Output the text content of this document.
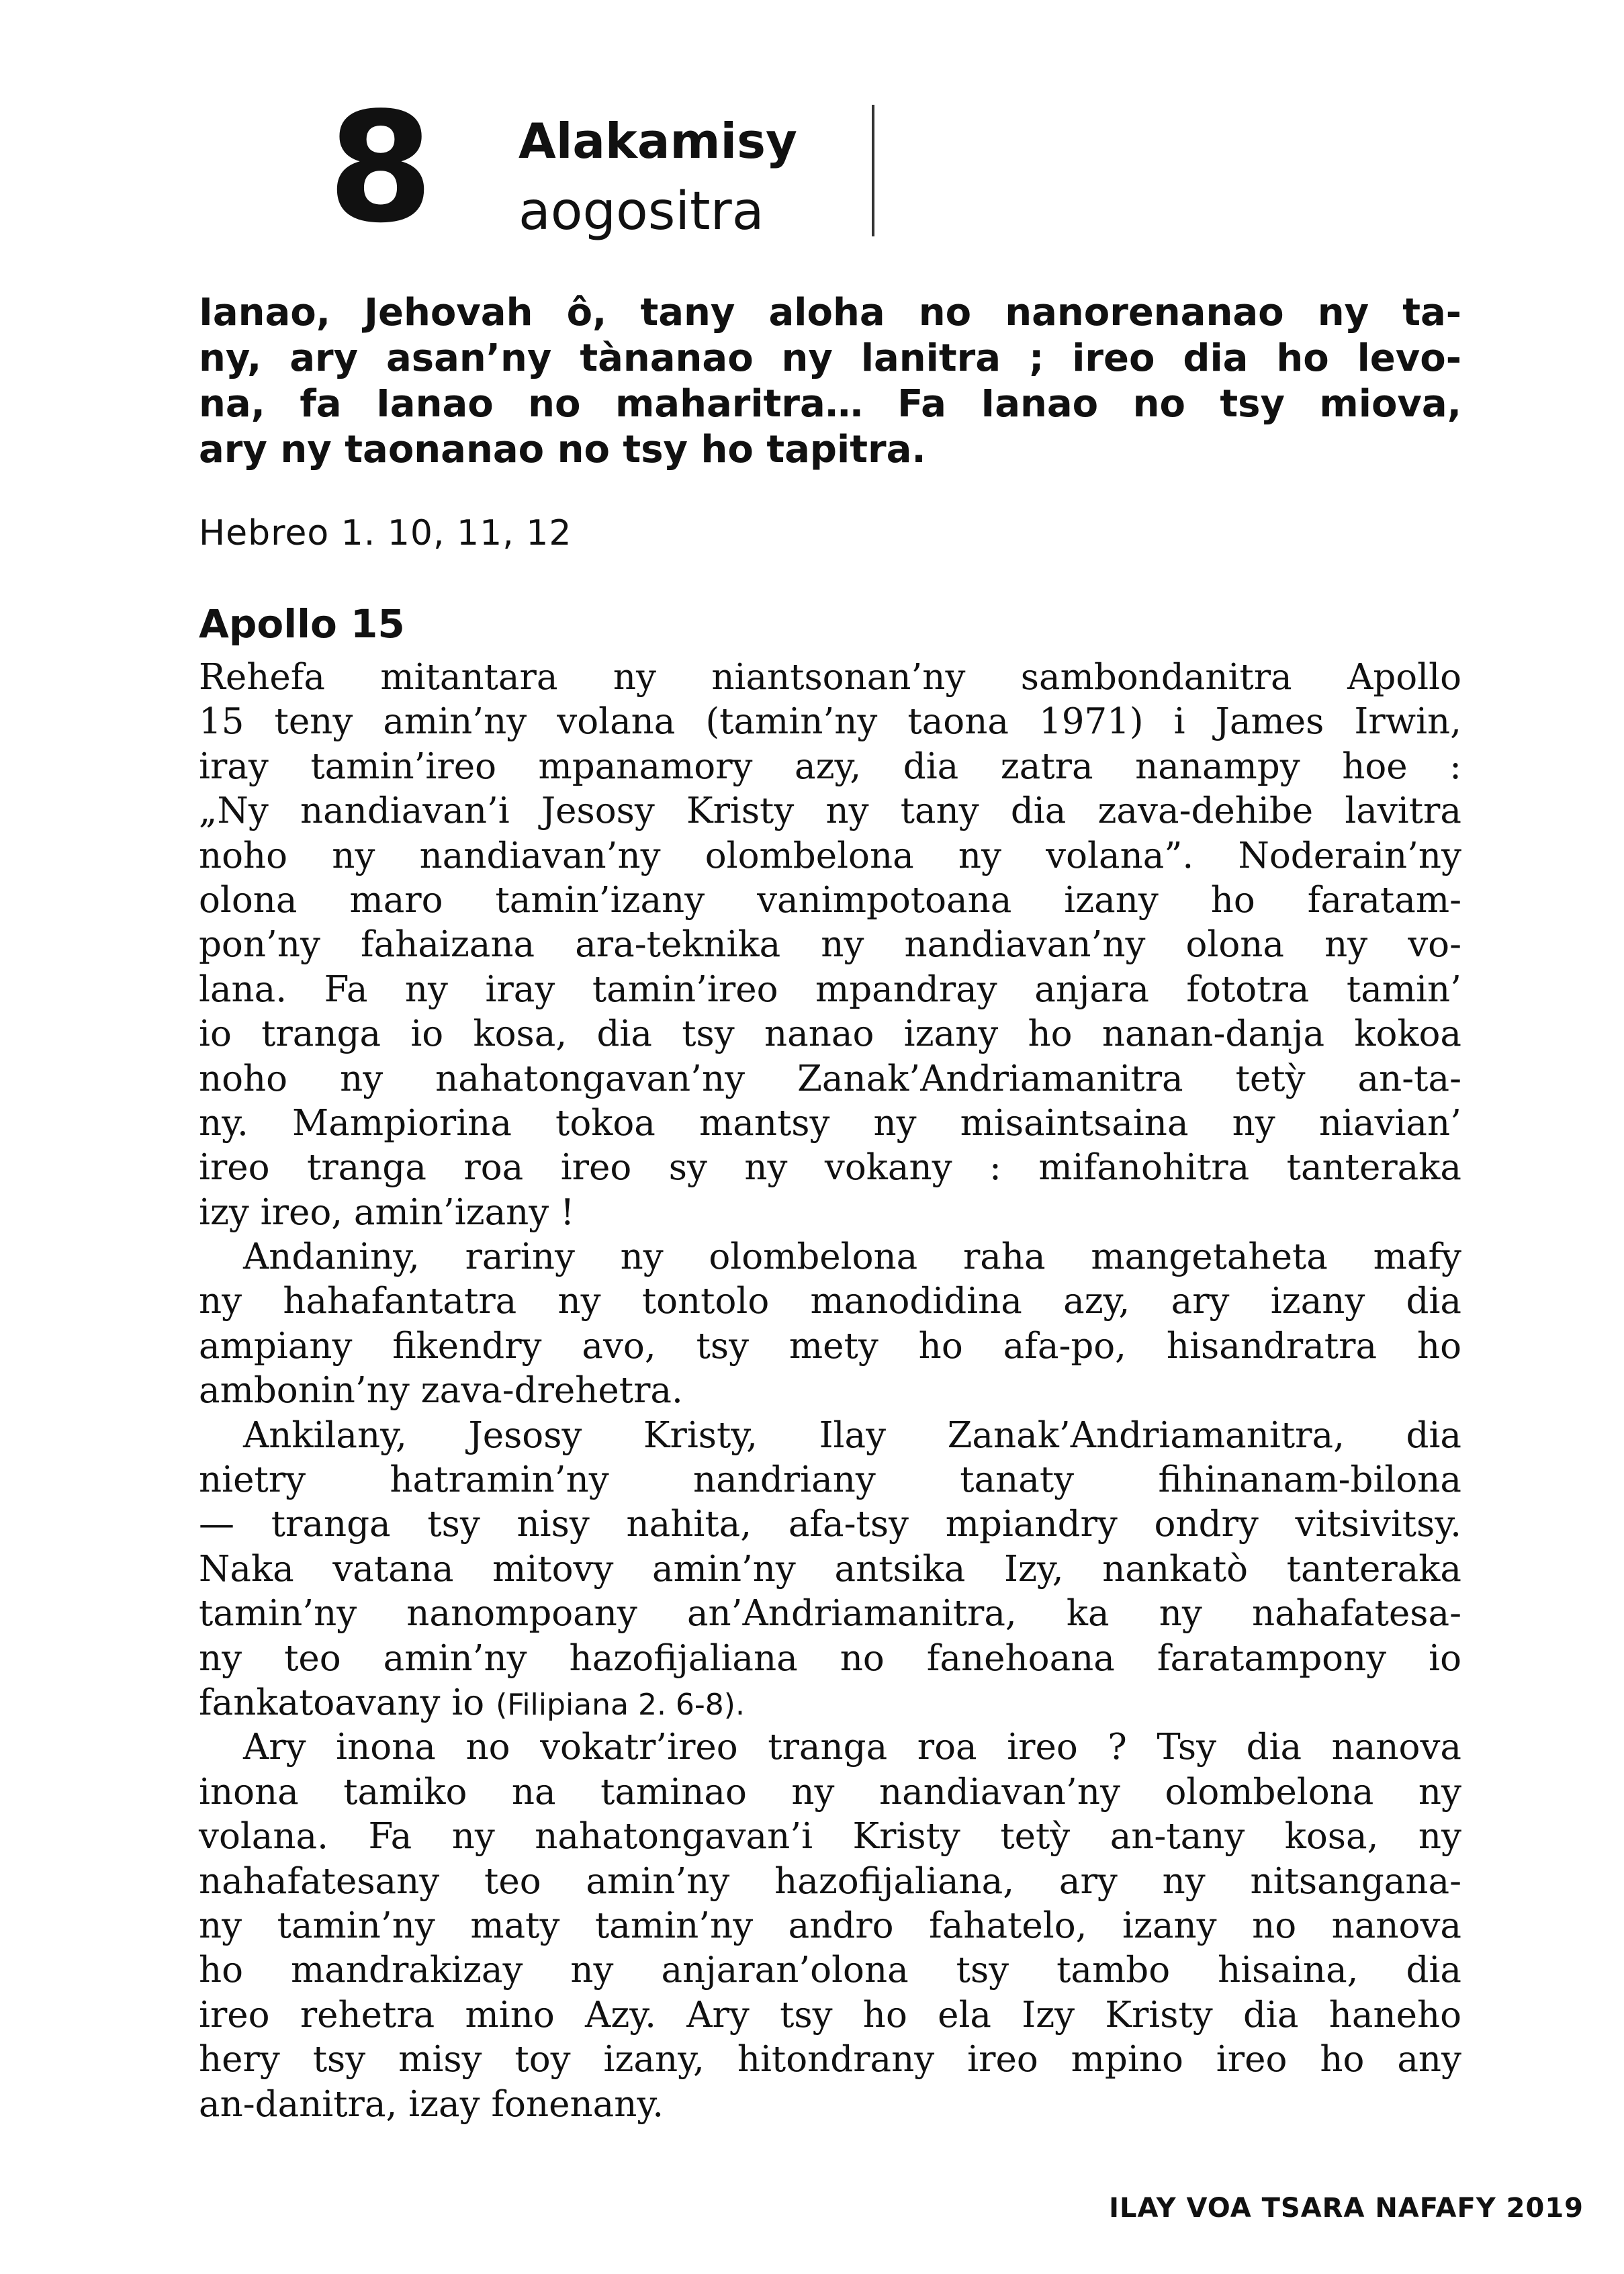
8 Alakamisy
aogositra
Ianao, Jehovah ô, tany aloha no nanorenanao ny ta-
ny, ary asan’ny tànanao ny lanitra ; ireo dia ho levo-
na, fa Ianao no maharitra… Fa Ianao no tsy miova,
ary ny taonanao no tsy ho tapitra.
Hebreo 1. 10, 11, 12
Apollo 15
Rehefa mitantara ny niantsonan’ny sambondanitra Apollo
15 teny amin’ny volana (tamin’ny taona 1971) i James Irwin,
iray tamin’ireo mpanamory azy, dia zatra nanampy hoe :
„Ny nandiavan’i Jesosy Kristy ny tany dia zava-dehibe lavitra
noho ny nandiavan’ny olombelona ny volana”. Noderain’ny
olona maro tamin’izany vanimpotoana izany ho faratam-
pon’ny fahaizana ara-teknika ny nandiavan’ny olona ny vo-
lana. Fa ny iray tamin’ireo mpandray anjara fototra tamin’
io tranga io kosa, dia tsy nanao izany ho nanan-danja kokoa
noho ny nahatongavan’ny Zanak’Andriamanitra tetỳ an-ta-
ny. Mampiorina tokoa mantsy ny misaintsaina ny niavian’
ireo tranga roa ireo sy ny vokany : mifanohitra tanteraka
izy ireo, amin’izany !
Andaniny, rariny ny olombelona raha mangetaheta mafy
ny hahafantatra ny tontolo manodidina azy, ary izany dia
ampiany fikendry avo, tsy mety ho afa-po, hisandratra ho
ambonin’ny zava-drehetra.
Ankilany, Jesosy Kristy, Ilay Zanak’Andriamanitra, dia
nietry hatramin’ny nandriany tanaty fihinanam-bilona
— tranga tsy nisy nahita, afa-tsy mpiandry ondry vitsivitsy.
Naka vatana mitovy amin’ny antsika Izy, nankatò tanteraka
tamin’ny nanompoany an’Andriamanitra, ka ny nahafatesa-
ny teo amin’ny hazofijaliana no fanehoana faratampony io
fankatoavany io (Filipiana 2. 6-8).
Ary inona no vokatr’ireo tranga roa ireo ? Tsy dia nanova
inona tamiko na taminao ny nandiavan’ny olombelona ny
volana. Fa ny nahatongavan’i Kristy tetỳ an-tany kosa, ny
nahafatesany teo amin’ny hazofijaliana, ary ny nitsangana-
ny tamin’ny maty tamin’ny andro fahatelo, izany no nanova
ho mandrakizay ny anjaran’olona tsy tambo hisaina, dia
ireo rehetra mino Azy. Ary tsy ho ela Izy Kristy dia haneho
hery tsy misy toy izany, hitondrany ireo mpino ireo ho any
an-danitra, izay fonenany.
ILAY VOA TSARA NAFAFY 2019
